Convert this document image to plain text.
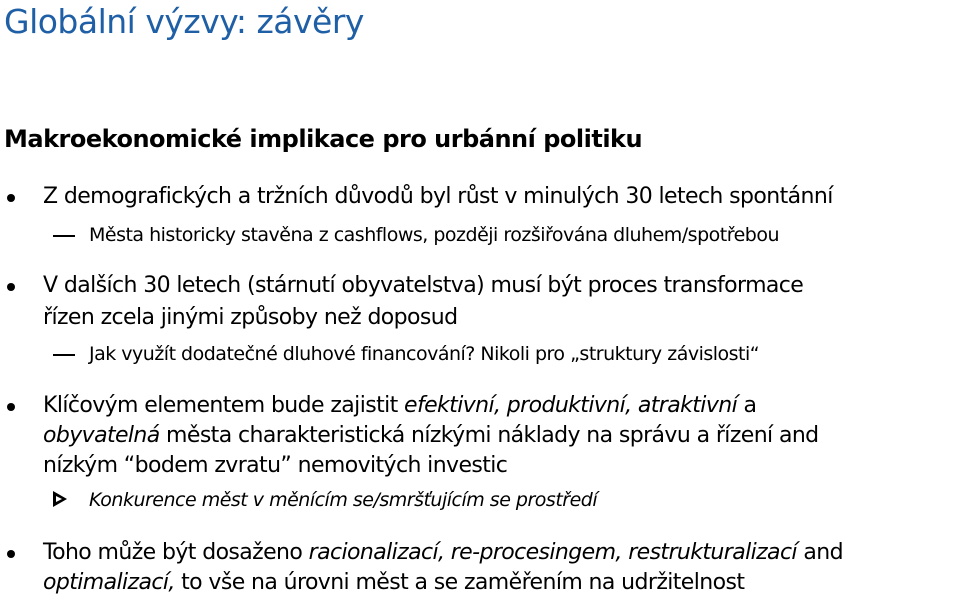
Globální výzvy: závěry
Makroekonomické implikace pro urbánní politiku
Z demografických a tržních důvodů byl růst v minulých 30 letech spontánní
Města historicky stavěna z cashflows, později rozšiřována dluhem/spotřebou
V dalších 30 letech (stárnutí obyvatelstva) musí být proces transformace
řízen zcela jinými způsoby než doposud
Jak využít dodatečné dluhové financování? Nikoli pro „struktury závislosti“
Klíčovým elementem bude zajistit efektivní, produktivní, atraktivní a
obyvatelná města charakteristická nízkými náklady na správu a řízení and
nízkým “bodem zvratu” nemovitých investic
Konkurence měst v měnícím se/smršťujícím se prostředí
Toho může být dosaženo racionalizací, re-procesingem, restrukturalizací and
optimalizací, to vše na úrovni měst a se zaměřením na udržitelnost
